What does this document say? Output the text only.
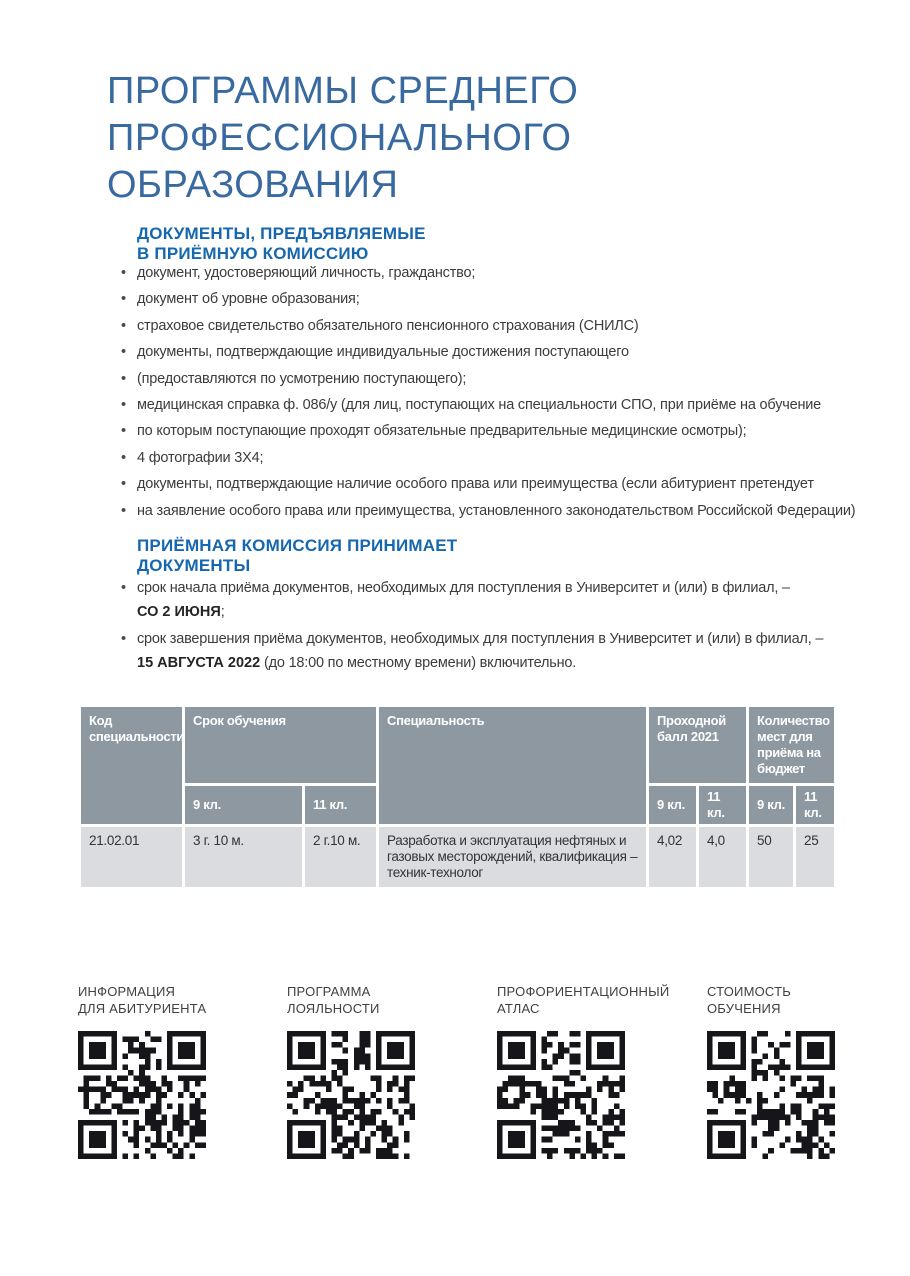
ПРОГРАММЫ СРЕДНЕГО
ПРОФЕССИОНАЛЬНОГО
ОБРАЗОВАНИЯ
ДОКУМЕНТЫ, ПРЕДЪЯВЛЯЕМЫЕ
В ПРИЁМНУЮ КОМИССИЮ
• документ, удостоверяющий личность, гражданство;
• документ об уровне образования;
• страховое свидетельство обязательного пенсионного страхования (СНИЛС)
• документы, подтверждающие индивидуальные достижения поступающего
• (предоставляются по усмотрению поступающего);
• медицинская справка ф. 086/у (для лиц, поступающих на специальности СПО, при приёме на обучение
• по которым поступающие проходят обязательные предварительные медицинские осмотры);
• 4 фотографии 3Х4;
• документы, подтверждающие наличие особого права или преимущества (если абитуриент претендует
• на заявление особого права или преимущества, установленного законодательством Российской Федерации)
ПРИЁМНАЯ КОМИССИЯ ПРИНИМАЕТ
ДОКУМЕНТЫ
• срок начала приёма документов, необходимых для поступления в Университет и (или) в филиал, –
СО 2 ИЮНЯ;
• срок завершения приёма документов, необходимых для поступления в Университет и (или) в филиал, –
15 АВГУСТА 2022 (до 18:00 по местному времени) включительно.
Код специальности	Срок обучения		Специальность	Проходной балл 2021		Количество мест для приёма на бюджет	
	9 кл.	11 кл.		9 кл.	11 кл.	9 кл.	11 кл.
21.02.01	3 г. 10 м.	2 г.10 м.	Разработка и эксплуатация нефтяных и газовых месторождений, квалификация – техник-технолог	4,02	4,0	50	25
ИНФОРМАЦИЯ
ДЛЯ АБИТУРИЕНТА
ПРОГРАММА
ЛОЯЛЬНОСТИ
ПРОФОРИЕНТАЦИОННЫЙ
АТЛАС
СТОИМОСТЬ
ОБУЧЕНИЯ
